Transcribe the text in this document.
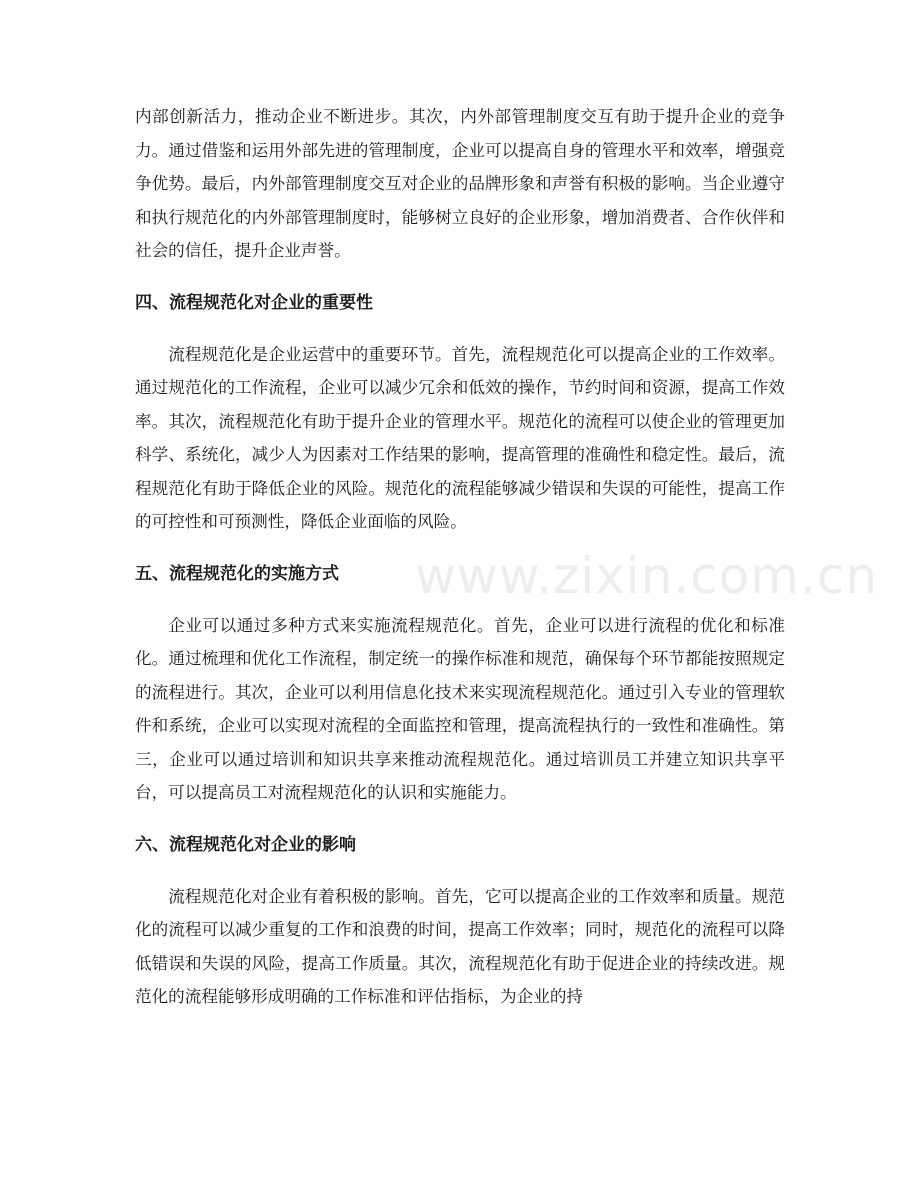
www.zixin.com.cn

内部创新活力，推动企业不断进步。其次，内外部管理制度交互有助于提升企业的竞争力。通过借鉴和运用外部先进的管理制度，企业可以提高自身的管理水平和效率，增强竞争优势。最后，内外部管理制度交互对企业的品牌形象和声誉有积极的影响。当企业遵守和执行规范化的内外部管理制度时，能够树立良好的企业形象，增加消费者、合作伙伴和社会的信任，提升企业声誉。

四、流程规范化对企业的重要性

流程规范化是企业运营中的重要环节。首先，流程规范化可以提高企业的工作效率。通过规范化的工作流程，企业可以减少冗余和低效的操作，节约时间和资源，提高工作效率。其次，流程规范化有助于提升企业的管理水平。规范化的流程可以使企业的管理更加科学、系统化，减少人为因素对工作结果的影响，提高管理的准确性和稳定性。最后，流程规范化有助于降低企业的风险。规范化的流程能够减少错误和失误的可能性，提高工作的可控性和可预测性，降低企业面临的风险。

五、流程规范化的实施方式

企业可以通过多种方式来实施流程规范化。首先，企业可以进行流程的优化和标准化。通过梳理和优化工作流程，制定统一的操作标准和规范，确保每个环节都能按照规定的流程进行。其次，企业可以利用信息化技术来实现流程规范化。通过引入专业的管理软件和系统，企业可以实现对流程的全面监控和管理，提高流程执行的一致性和准确性。第三，企业可以通过培训和知识共享来推动流程规范化。通过培训员工并建立知识共享平台，可以提高员工对流程规范化的认识和实施能力。

六、流程规范化对企业的影响

流程规范化对企业有着积极的影响。首先，它可以提高企业的工作效率和质量。规范化的流程可以减少重复的工作和浪费的时间，提高工作效率；同时，规范化的流程可以降低错误和失误的风险，提高工作质量。其次，流程规范化有助于促进企业的持续改进。规范化的流程能够形成明确的工作标准和评估指标，为企业的持
